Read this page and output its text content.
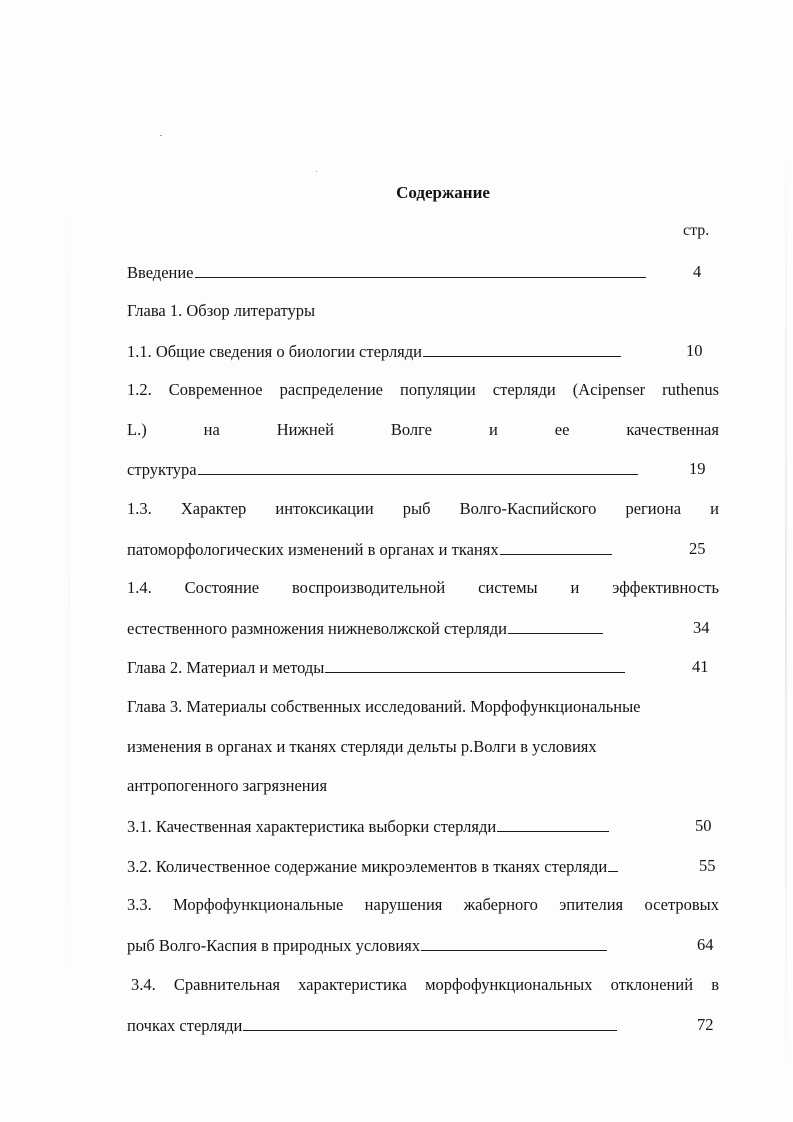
Содержание
стр.
Введение	4
Глава 1. Обзор литературы
1.1. Общие сведения о биологии стерляди	10
1.2. Современное распределение популяции стерляди (Acipenser ruthenus
L.)	на	Нижней	Волге	и	ее	качественная
структура	19
1.3. Характер интоксикации рыб Волго-Каспийского региона и
патоморфологических изменений в органах и тканях	25
1.4. Состояние воспроизводительной системы и эффективность
естественного размножения нижневолжской стерляди	34
Глава 2. Материал и методы	41
Глава 3. Материалы собственных исследований. Морфофункциональные
изменения в органах и тканях стерляди дельты р.Волги в условиях
антропогенного загрязнения
3.1. Качественная характеристика выборки стерляди	50
3.2. Количественное содержание микроэлементов в тканях стерляди	55
3.3. Морфофункциональные нарушения жаберного эпителия осетровых
рыб Волго-Каспия в природных условиях	64
3.4. Сравнительная характеристика морфофункциональных отклонений в
почках стерляди	72
